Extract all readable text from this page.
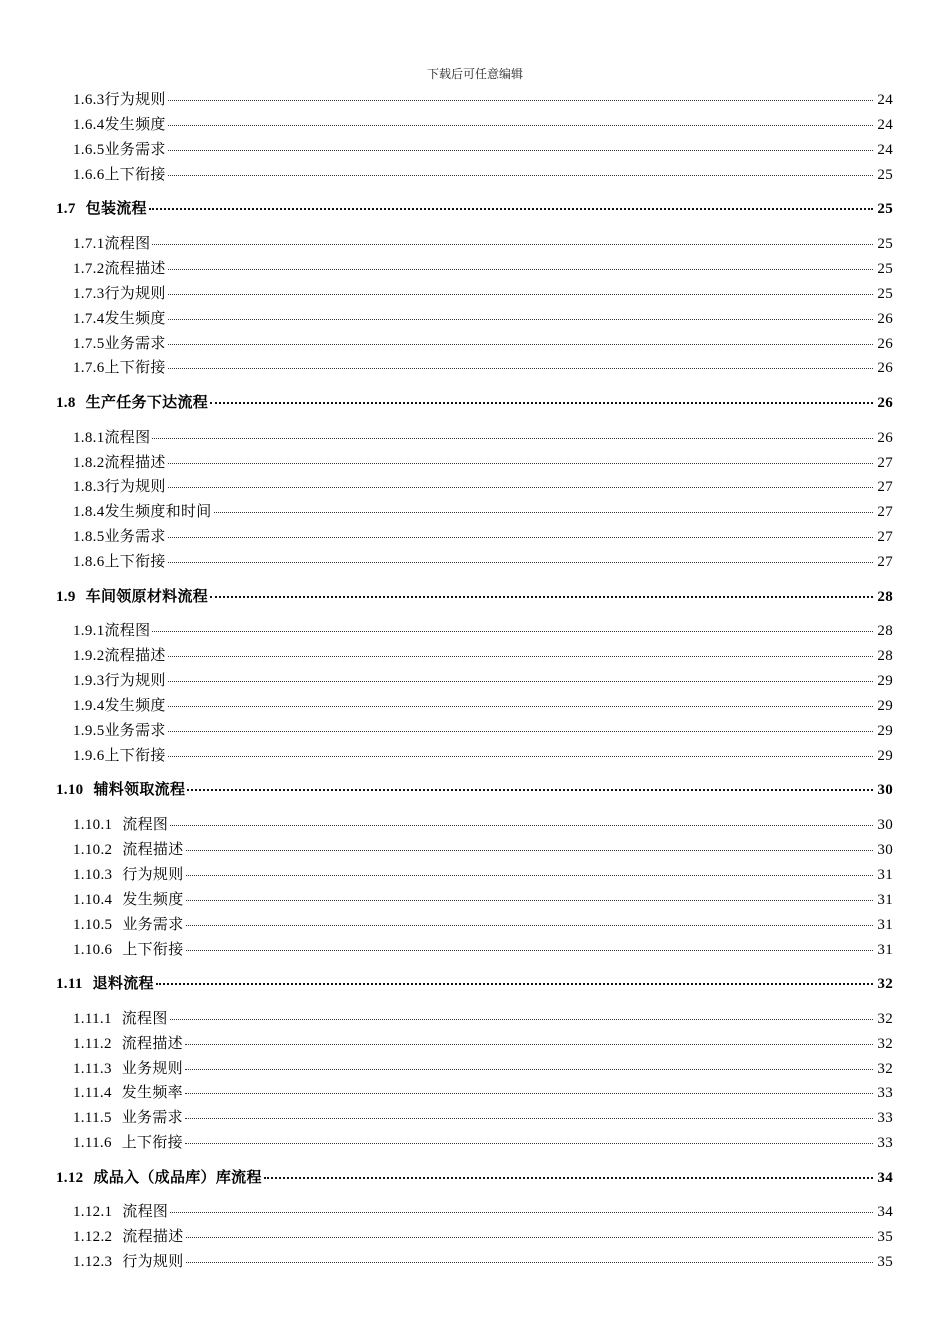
下载后可任意编辑
1.6.3 行为规则	24
1.6.4 发生频度	24
1.6.5 业务需求	24
1.6.6 上下衔接	25
1.7 包装流程	25
1.7.1 流程图	25
1.7.2 流程描述	25
1.7.3 行为规则	25
1.7.4 发生频度	26
1.7.5 业务需求	26
1.7.6 上下衔接	26
1.8 生产任务下达流程	26
1.8.1 流程图	26
1.8.2 流程描述	27
1.8.3 行为规则	27
1.8.4 发生频度和时间	27
1.8.5 业务需求	27
1.8.6 上下衔接	27
1.9 车间领原材料流程	28
1.9.1 流程图	28
1.9.2 流程描述	28
1.9.3 行为规则	29
1.9.4 发生频度	29
1.9.5 业务需求	29
1.9.6 上下衔接	29
1.10 辅料领取流程	30
1.10.1 流程图	30
1.10.2 流程描述	30
1.10.3 行为规则	31
1.10.4 发生频度	31
1.10.5 业务需求	31
1.10.6 上下衔接	31
1.11 退料流程	32
1.11.1 流程图	32
1.11.2 流程描述	32
1.11.3 业务规则	32
1.11.4 发生频率	33
1.11.5 业务需求	33
1.11.6 上下衔接	33
1.12 成品入（成品库）库流程	34
1.12.1 流程图	34
1.12.2 流程描述	35
1.12.3 行为规则	35
